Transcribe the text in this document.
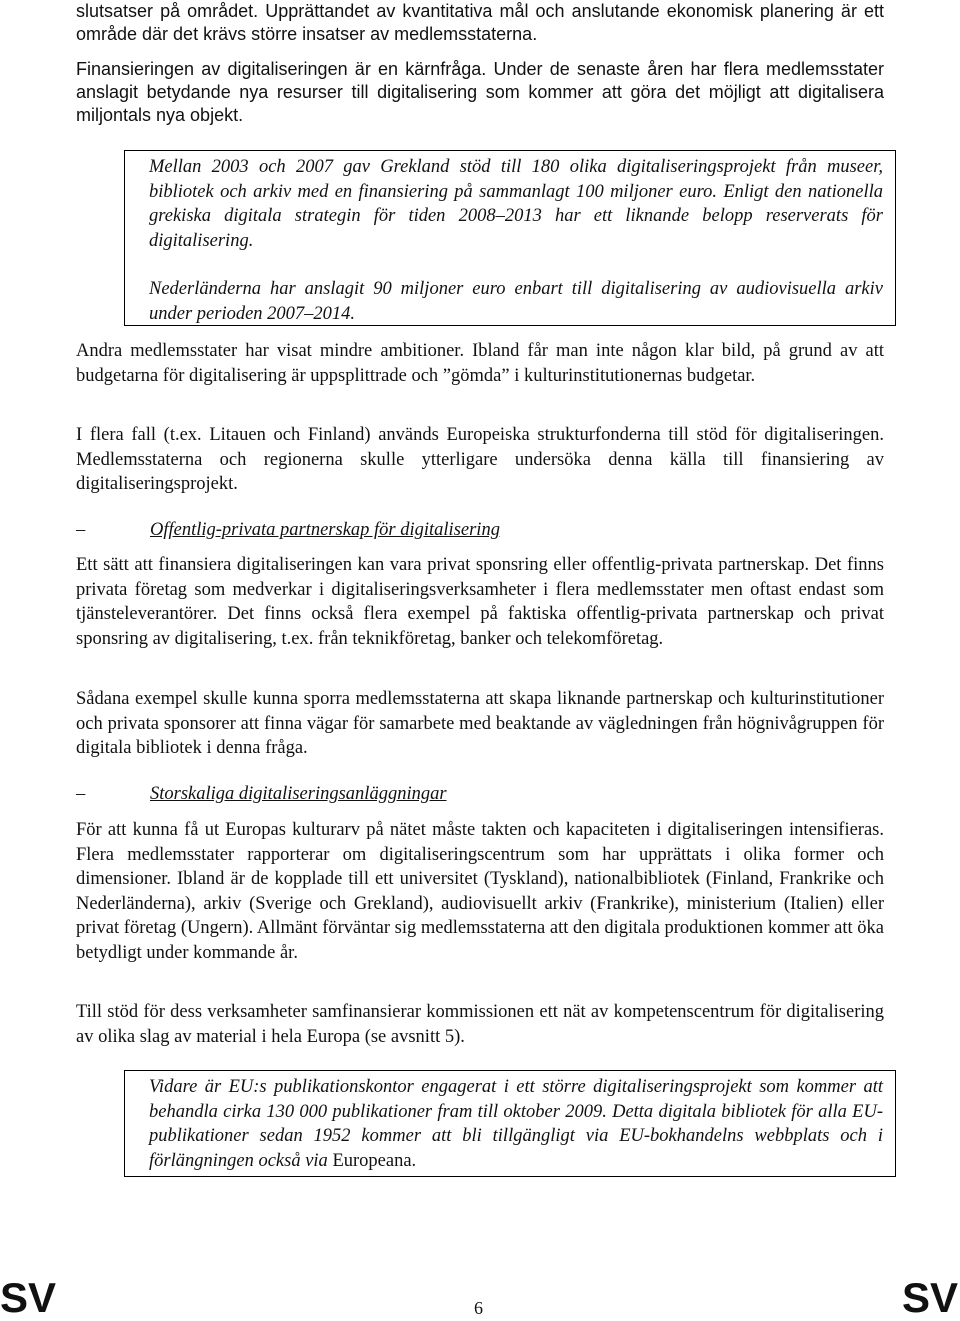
slutsatser på området. Upprättandet av kvantitativa mål och anslutande ekonomisk planering är ett område där det krävs större insatser av medlemsstaterna.

Finansieringen av digitaliseringen är en kärnfråga. Under de senaste åren har flera medlemsstater anslagit betydande nya resurser till digitalisering som kommer att göra det möjligt att digitalisera miljontals nya objekt.

Mellan 2003 och 2007 gav Grekland stöd till 180 olika digitaliseringsprojekt från museer, bibliotek och arkiv med en finansiering på sammanlagt 100 miljoner euro. Enligt den nationella grekiska digitala strategin för tiden 2008–2013 har ett liknande belopp reserverats för digitalisering.

Nederländerna har anslagit 90 miljoner euro enbart till digitalisering av audiovisuella arkiv under perioden 2007–2014.

Andra medlemsstater har visat mindre ambitioner. Ibland får man inte någon klar bild, på grund av att budgetarna för digitalisering är uppsplittrade och ”gömda” i kulturinstitutionernas budgetar.

I flera fall (t.ex. Litauen och Finland) används Europeiska strukturfonderna till stöd för digitaliseringen. Medlemsstaterna och regionerna skulle ytterligare undersöka denna källa till finansiering av digitaliseringsprojekt.

–	Offentlig-privata partnerskap för digitalisering

Ett sätt att finansiera digitaliseringen kan vara privat sponsring eller offentlig-privata partnerskap. Det finns privata företag som medverkar i digitaliseringsverksamheter i flera medlemsstater men oftast endast som tjänsteleverantörer. Det finns också flera exempel på faktiska offentlig-privata partnerskap och privat sponsring av digitalisering, t.ex. från teknikföretag, banker och telekomföretag.

Sådana exempel skulle kunna sporra medlemsstaterna att skapa liknande partnerskap och kulturinstitutioner och privata sponsorer att finna vägar för samarbete med beaktande av vägledningen från högnivågruppen för digitala bibliotek i denna fråga.

–	Storskaliga digitaliseringsanläggningar

För att kunna få ut Europas kulturarv på nätet måste takten och kapaciteten i digitaliseringen intensifieras. Flera medlemsstater rapporterar om digitaliseringscentrum som har upprättats i olika former och dimensioner. Ibland är de kopplade till ett universitet (Tyskland), nationalbibliotek (Finland, Frankrike och Nederländerna), arkiv (Sverige och Grekland), audiovisuellt arkiv (Frankrike), ministerium (Italien) eller privat företag (Ungern). Allmänt förväntar sig medlemsstaterna att den digitala produktionen kommer att öka betydligt under kommande år.

Till stöd för dess verksamheter samfinansierar kommissionen ett nät av kompetenscentrum för digitalisering av olika slag av material i hela Europa (se avsnitt 5).

Vidare är EU:s publikationskontor engagerat i ett större digitaliseringsprojekt som kommer att behandla cirka 130 000 publikationer fram till oktober 2009. Detta digitala bibliotek för alla EU-publikationer sedan 1952 kommer att bli tillgängligt via EU-bokhandelns webbplats och i förlängningen också via Europeana.

SV	6	SV
